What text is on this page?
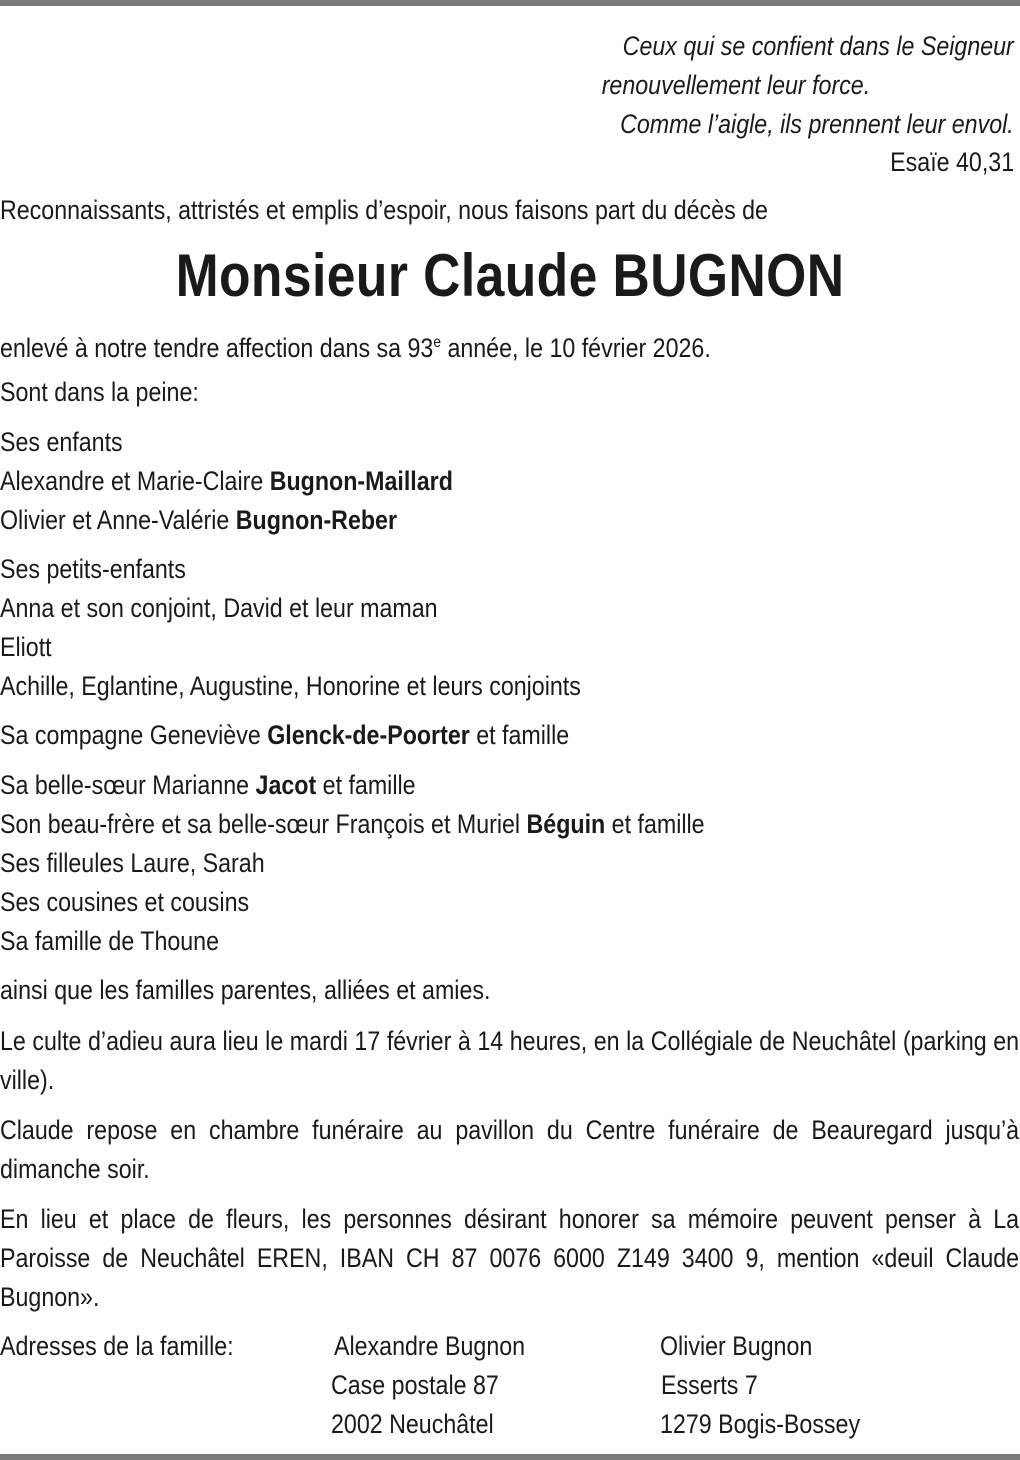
Ceux qui se confient dans le Seigneur
renouvellement leur force.
Comme l’aigle, ils prennent leur envol.
Esaïe 40,31
Reconnaissants, attristés et emplis d’espoir, nous faisons part du décès de
Monsieur Claude BUGNON
enlevé à notre tendre affection dans sa 93e année, le 10 février 2026.
Sont dans la peine:
Ses enfants
Alexandre et Marie-Claire Bugnon-Maillard
Olivier et Anne-Valérie Bugnon-Reber
Ses petits-enfants
Anna et son conjoint, David et leur maman
Eliott
Achille, Eglantine, Augustine, Honorine et leurs conjoints
Sa compagne Geneviève Glenck-de-Poorter et famille
Sa belle-sœur Marianne Jacot et famille
Son beau-frère et sa belle-sœur François et Muriel Béguin et famille
Ses filleules Laure, Sarah
Ses cousines et cousins
Sa famille de Thoune
ainsi que les familles parentes, alliées et amies.
Le culte d’adieu aura lieu le mardi 17 février à 14 heures, en la Collégiale de Neuchâtel (parking en ville).
Claude repose en chambre funéraire au pavillon du Centre funéraire de Beauregard jusqu’à dimanche soir.
En lieu et place de fleurs, les personnes désirant honorer sa mémoire peuvent penser à La Paroisse de Neuchâtel EREN, IBAN CH 87 0076 6000 Z149 3400 9, mention «deuil Claude Bugnon».
Adresses de la famille:	Alexandre Bugnon
Case postale 87
2002 Neuchâtel
Olivier Bugnon
Esserts 7
1279 Bogis-Bossey
